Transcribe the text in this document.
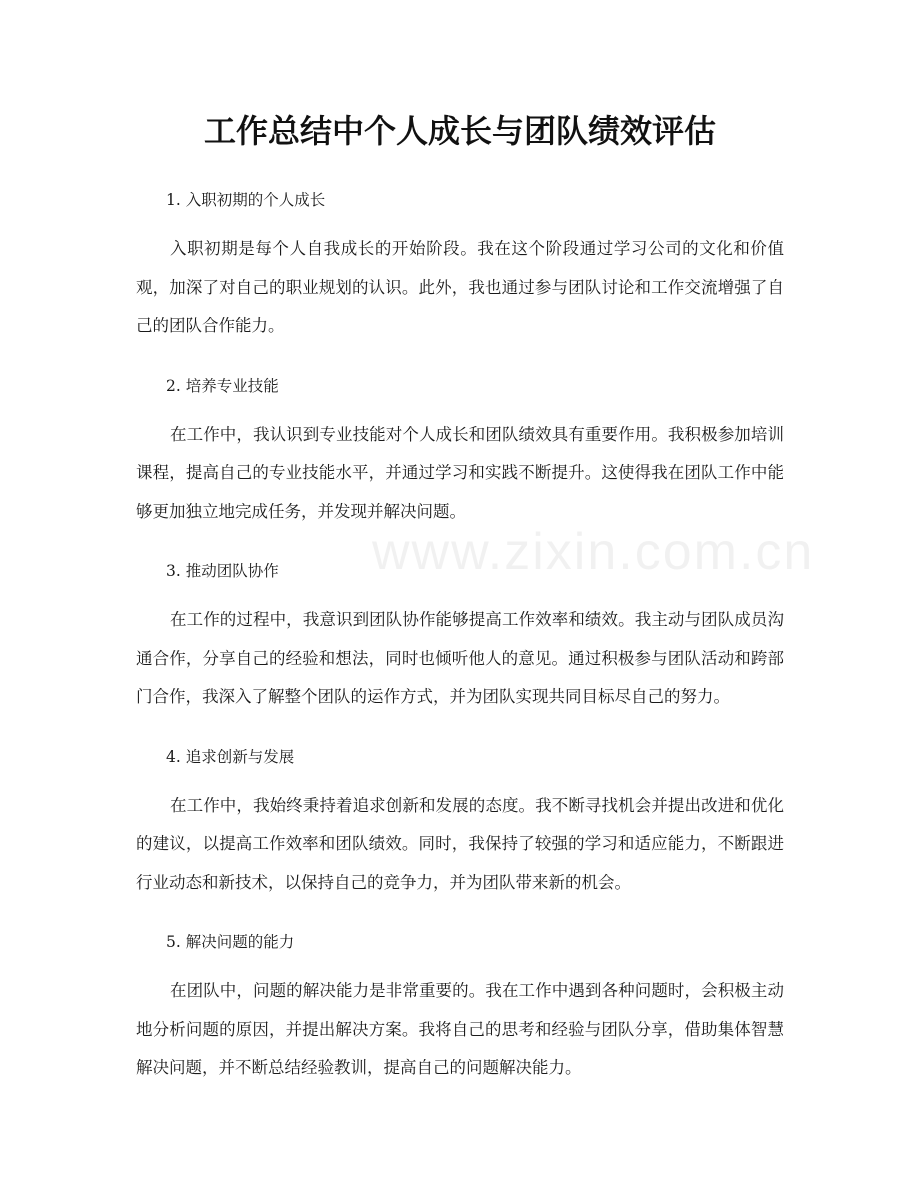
www.zixin.com.cn
工作总结中个人成长与团队绩效评估

1. 入职初期的个人成长

入职初期是每个人自我成长的开始阶段。我在这个阶段通过学习公司的文化和价值观，加深了对自己的职业规划的认识。此外，我也通过参与团队讨论和工作交流增强了自己的团队合作能力。

2. 培养专业技能

在工作中，我认识到专业技能对个人成长和团队绩效具有重要作用。我积极参加培训课程，提高自己的专业技能水平，并通过学习和实践不断提升。这使得我在团队工作中能够更加独立地完成任务，并发现并解决问题。

3. 推动团队协作

在工作的过程中，我意识到团队协作能够提高工作效率和绩效。我主动与团队成员沟通合作，分享自己的经验和想法，同时也倾听他人的意见。通过积极参与团队活动和跨部门合作，我深入了解整个团队的运作方式，并为团队实现共同目标尽自己的努力。

4. 追求创新与发展

在工作中，我始终秉持着追求创新和发展的态度。我不断寻找机会并提出改进和优化的建议，以提高工作效率和团队绩效。同时，我保持了较强的学习和适应能力，不断跟进行业动态和新技术，以保持自己的竞争力，并为团队带来新的机会。

5. 解决问题的能力

在团队中，问题的解决能力是非常重要的。我在工作中遇到各种问题时，会积极主动地分析问题的原因，并提出解决方案。我将自己的思考和经验与团队分享，借助集体智慧解决问题，并不断总结经验教训，提高自己的问题解决能力。
